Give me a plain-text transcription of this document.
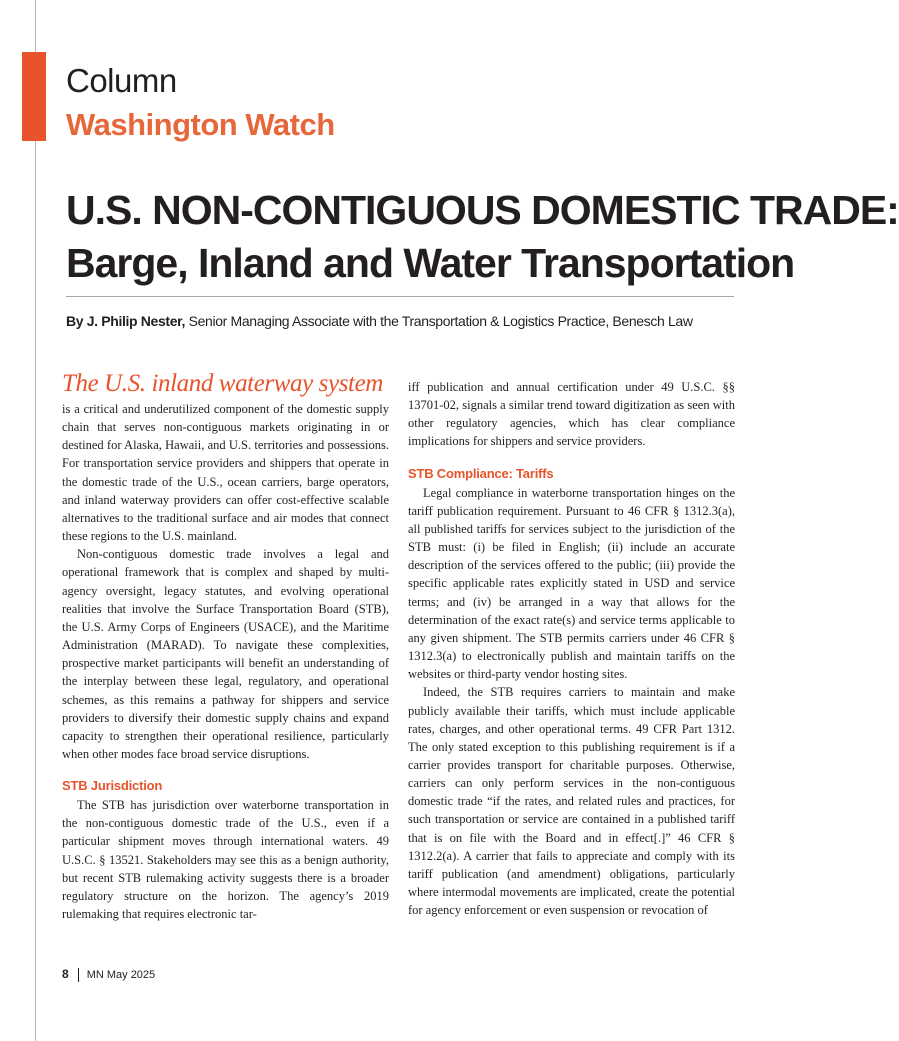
Column

Washington Watch

U.S. NON-CONTIGUOUS DOMESTIC TRADE:
Barge, Inland and Water Transportation

By J. Philip Nester, Senior Managing Associate with the Transportation & Logistics Practice, Benesch Law

The U.S. inland waterway system
is a critical and underutilized component of the domestic supply chain that serves non-contiguous markets originating in or destined for Alaska, Hawaii, and U.S. territories and possessions. For transportation service providers and shippers that operate in the domestic trade of the U.S., ocean carriers, barge operators, and inland waterway providers can offer cost-effective scalable alternatives to the traditional surface and air modes that connect these regions to the U.S. mainland.

Non-contiguous domestic trade involves a legal and operational framework that is complex and shaped by multi-agency oversight, legacy statutes, and evolving operational realities that involve the Surface Transportation Board (STB), the U.S. Army Corps of Engineers (USACE), and the Maritime Administration (MARAD). To navigate these complexities, prospective market participants will benefit an understanding of the interplay between these legal, regulatory, and operational schemes, as this remains a pathway for shippers and service providers to diversify their domestic supply chains and expand capacity to strengthen their operational resilience, particularly when other modes face broad service disruptions.

STB Jurisdiction

The STB has jurisdiction over waterborne transportation in the non-contiguous domestic trade of the U.S., even if a particular shipment moves through international waters. 49 U.S.C. § 13521. Stakeholders may see this as a benign authority, but recent STB rulemaking activity suggests there is a broader regulatory structure on the horizon. The agency’s 2019 rulemaking that requires electronic tar-

iff publication and annual certification under 49 U.S.C. §§ 13701-02, signals a similar trend toward digitization as seen with other regulatory agencies, which has clear compliance implications for shippers and service providers.

STB Compliance: Tariffs

Legal compliance in waterborne transportation hinges on the tariff publication requirement. Pursuant to 46 CFR § 1312.3(a), all published tariffs for services subject to the jurisdiction of the STB must: (i) be filed in English; (ii) include an accurate description of the services offered to the public; (iii) provide the specific applicable rates explicitly stated in USD and service terms; and (iv) be arranged in a way that allows for the determination of the exact rate(s) and service terms applicable to any given shipment. The STB permits carriers under 46 CFR § 1312.3(a) to electronically publish and maintain tariffs on the websites or third-party vendor hosting sites.

Indeed, the STB requires carriers to maintain and make publicly available their tariffs, which must include applicable rates, charges, and other operational terms. 49 CFR Part 1312. The only stated exception to this publishing requirement is if a carrier provides transport for charitable purposes. Otherwise, carriers can only perform services in the non-contiguous domestic trade “if the rates, and related rules and practices, for such transportation or service are contained in a published tariff that is on file with the Board and in effect[.]” 46 CFR § 1312.2(a). A carrier that fails to appreciate and comply with its tariff publication (and amendment) obligations, particularly where intermodal movements are implicated, create the potential for agency enforcement or even suspension or revocation of

8 MN May 2025
